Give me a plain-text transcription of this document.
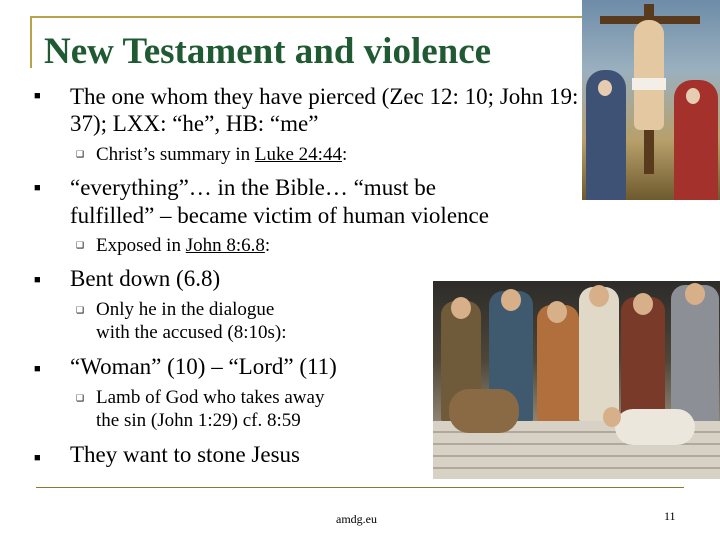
New Testament and violence
■ The one whom they have pierced (Zec 12: 10; John 19: 37); LXX: “he”, HB: “me”
❑ Christ’s summary in Luke 24:44:
■ “everything”… in the Bible… “must be
fulfilled” – became victim of human violence
❑ Exposed in John 8:6.8:
■ Bent down (6.8)
❑ Only he in the dialogue
with the accused (8:10s):
■ “Woman” (10) – “Lord” (11)
❑ Lamb of God who takes away
the sin (John 1:29) cf. 8:59
■ They want to stone Jesus
amdg.eu	11
